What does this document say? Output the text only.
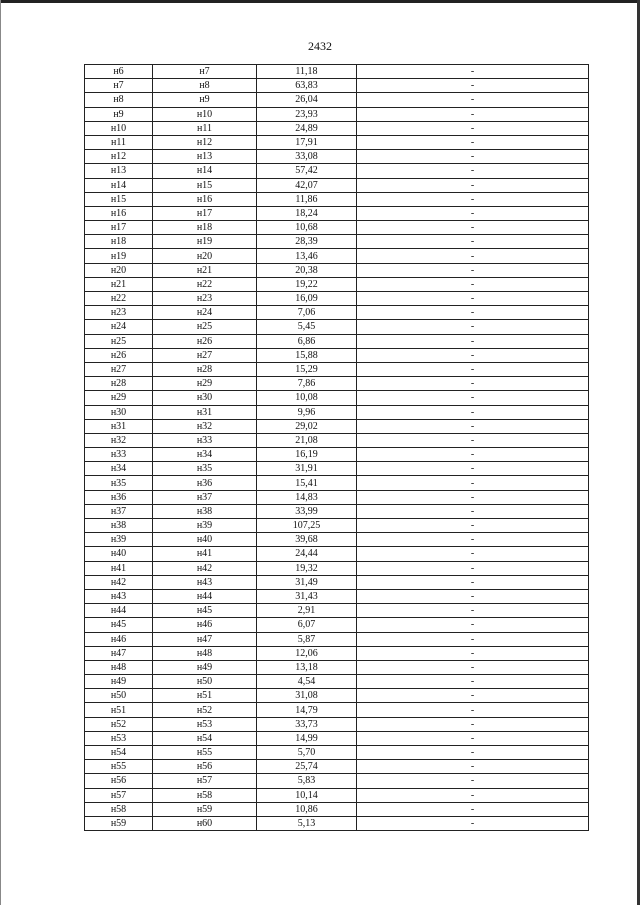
2432
н6	н7	11,18	-
н7	н8	63,83	-
н8	н9	26,04	-
н9	н10	23,93	-
н10	н11	24,89	-
н11	н12	17,91	-
н12	н13	33,08	-
н13	н14	57,42	-
н14	н15	42,07	-
н15	н16	11,86	-
н16	н17	18,24	-
н17	н18	10,68	-
н18	н19	28,39	-
н19	н20	13,46	-
н20	н21	20,38	-
н21	н22	19,22	-
н22	н23	16,09	-
н23	н24	7,06	-
н24	н25	5,45	-
н25	н26	6,86	-
н26	н27	15,88	-
н27	н28	15,29	-
н28	н29	7,86	-
н29	н30	10,08	-
н30	н31	9,96	-
н31	н32	29,02	-
н32	н33	21,08	-
н33	н34	16,19	-
н34	н35	31,91	-
н35	н36	15,41	-
н36	н37	14,83	-
н37	н38	33,99	-
н38	н39	107,25	-
н39	н40	39,68	-
н40	н41	24,44	-
н41	н42	19,32	-
н42	н43	31,49	-
н43	н44	31,43	-
н44	н45	2,91	-
н45	н46	6,07	-
н46	н47	5,87	-
н47	н48	12,06	-
н48	н49	13,18	-
н49	н50	4,54	-
н50	н51	31,08	-
н51	н52	14,79	-
н52	н53	33,73	-
н53	н54	14,99	-
н54	н55	5,70	-
н55	н56	25,74	-
н56	н57	5,83	-
н57	н58	10,14	-
н58	н59	10,86	-
н59	н60	5,13	-
